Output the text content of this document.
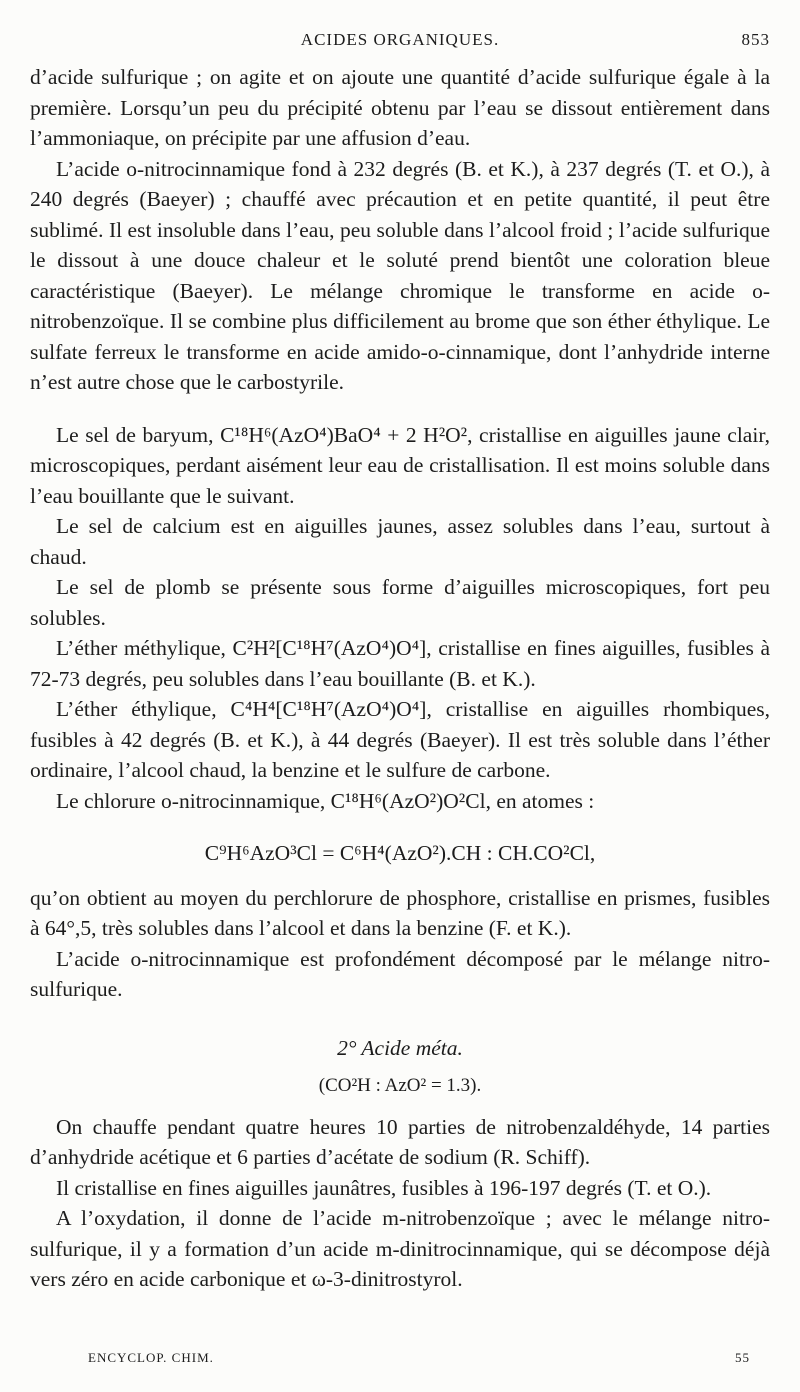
ACIDES ORGANIQUES.	853

d’acide sulfurique ; on agite et on ajoute une quantité d’acide sulfurique égale à la première. Lorsqu’un peu du précipité obtenu par l’eau se dissout entièrement dans l’ammoniaque, on précipite par une affusion d’eau.

L’acide o-nitrocinnamique fond à 232 degrés (B. et K.), à 237 degrés (T. et O.), à 240 degrés (Baeyer) ; chauffé avec précaution et en petite quantité, il peut être sublimé. Il est insoluble dans l’eau, peu soluble dans l’alcool froid ; l’acide sulfurique le dissout à une douce chaleur et le soluté prend bientôt une coloration bleue caractéristique (Baeyer). Le mélange chromique le transforme en acide o-nitrobenzoïque. Il se combine plus difficilement au brome que son éther éthylique. Le sulfate ferreux le transforme en acide amido-o-cinnamique, dont l’anhydride interne n’est autre chose que le carbostyrile.

Le sel de baryum, C¹⁸H⁶(AzO⁴)BaO⁴ + 2 H²O², cristallise en aiguilles jaune clair, microscopiques, perdant aisément leur eau de cristallisation. Il est moins soluble dans l’eau bouillante que le suivant.

Le sel de calcium est en aiguilles jaunes, assez solubles dans l’eau, surtout à chaud.

Le sel de plomb se présente sous forme d’aiguilles microscopiques, fort peu solubles.

L’éther méthylique, C²H²[C¹⁸H⁷(AzO⁴)O⁴], cristallise en fines aiguilles, fusibles à 72-73 degrés, peu solubles dans l’eau bouillante (B. et K.).

L’éther éthylique, C⁴H⁴[C¹⁸H⁷(AzO⁴)O⁴], cristallise en aiguilles rhombiques, fusibles à 42 degrés (B. et K.), à 44 degrés (Baeyer). Il est très soluble dans l’éther ordinaire, l’alcool chaud, la benzine et le sulfure de carbone.

Le chlorure o-nitrocinnamique, C¹⁸H⁶(AzO²)O²Cl, en atomes :

C⁹H⁶AzO³Cl = C⁶H⁴(AzO²).CH : CH.CO²Cl,

qu’on obtient au moyen du perchlorure de phosphore, cristallise en prismes, fusibles à 64°,5, très solubles dans l’alcool et dans la benzine (F. et K.).

L’acide o-nitrocinnamique est profondément décomposé par le mélange nitro-sulfurique.

2° Acide méta.
(CO²H : AzO² = 1.3).

On chauffe pendant quatre heures 10 parties de nitrobenzaldéhyde, 14 parties d’anhydride acétique et 6 parties d’acétate de sodium (R. Schiff).

Il cristallise en fines aiguilles jaunâtres, fusibles à 196-197 degrés (T. et O.).

A l’oxydation, il donne de l’acide m-nitrobenzoïque ; avec le mélange nitro-sulfurique, il y a formation d’un acide m-dinitrocinnamique, qui se décompose déjà vers zéro en acide carbonique et ω-3-dinitrostyrol.

ENCYCLOP. CHIM.	55
